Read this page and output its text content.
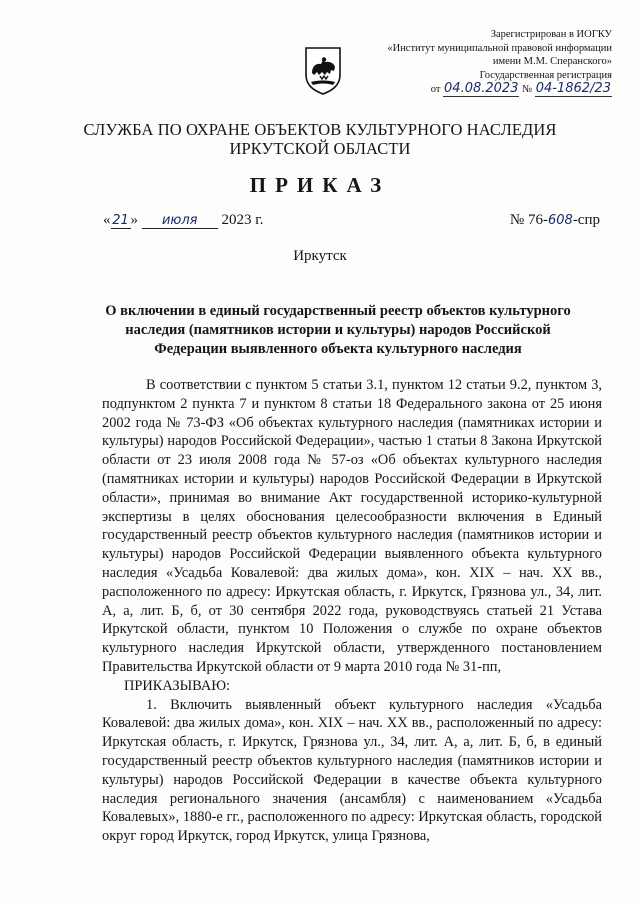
Зарегистрирован в ИОГКУ
«Институт муниципальной правовой информации
имени М.М. Сперанского»
Государственная регистрация
от 04.08.2023 № 04-1862/23
СЛУЖБА ПО ОХРАНЕ ОБЪЕКТОВ КУЛЬТУРНОГО НАСЛЕДИЯ
ИРКУТСКОЙ ОБЛАСТИ
ПРИКАЗ
« 21 » июля 2023 г.	№ 76-608-спр
Иркутск
О включении в единый государственный реестр объектов культурного наследия (памятников истории и культуры) народов Российской Федерации выявленного объекта культурного наследия

В соответствии с пунктом 5 статьи 3.1, пунктом 12 статьи 9.2, пунктом 3, подпунктом 2 пункта 7 и пунктом 8 статьи 18 Федерального закона от 25 июня 2002 года № 73-ФЗ «Об объектах культурного наследия (памятниках истории и культуры) народов Российской Федерации», частью 1 статьи 8 Закона Иркутской области от 23 июля 2008 года № 57-оз «Об объектах культурного наследия (памятниках истории и культуры) народов Российской Федерации в Иркутской области», принимая во внимание Акт государственной историко-культурной экспертизы в целях обоснования целесообразности включения в Единый государственный реестр объектов культурного наследия (памятников истории и культуры) народов Российской Федерации выявленного объекта культурного наследия «Усадьба Ковалевой: два жилых дома», кон. XIX – нач. XX вв., расположенного по адресу: Иркутская область, г. Иркутск, Грязнова ул., 34, лит. А, а, лит. Б, б, от 30 сентября 2022 года, руководствуясь статьей 21 Устава Иркутской области, пунктом 10 Положения о службе по охране объектов культурного наследия Иркутской области, утвержденного постановлением Правительства Иркутской области от 9 марта 2010 года № 31-пп,

ПРИКАЗЫВАЮ:

1. Включить выявленный объект культурного наследия «Усадьба Ковалевой: два жилых дома», кон. XIX – нач. XX вв., расположенный по адресу: Иркутская область, г. Иркутск, Грязнова ул., 34, лит. А, а, лит. Б, б, в единый государственный реестр объектов культурного наследия (памятников истории и культуры) народов Российской Федерации в качестве объекта культурного наследия регионального значения (ансамбля) с наименованием «Усадьба Ковалевых», 1880-е гг., расположенного по адресу: Иркутская область, городской округ город Иркутск, город Иркутск, улица Грязнова,
